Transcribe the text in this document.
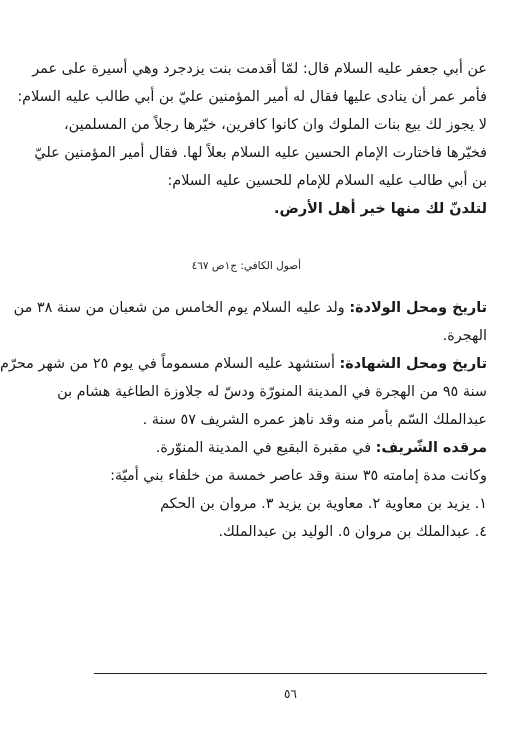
عن أبي جعفر عليه السلام قال: لمّا أقدمت بنت يزدجرد وهي أسيرة على عمر
فأمر عمر أن ينادى عليها فقال له أمير المؤمنين عليّ بن أبي طالب عليه السلام:
لا يجوز لك بيع بنات الملوك وان كانوا كافرين، خيّرها رجلاً من المسلمين،
فخيّرها فاختارت الإمام الحسين عليه السلام بعلاً لها. فقال أمير المؤمنين عليّ
بن أبي طالب عليه السلام للإمام للحسين عليه السلام:
لتلدنّ لك منها خير أهل الأرض.
أصول الكافي: ج١ص ٤٦٧
تاريخ ومحل الولادة: ولد عليه السلام يوم الخامس من شعبان من سنة ٣٨ من
الهجرة.
تاريخ ومحل الشهادة: أستشهد عليه السلام مسموماً في يوم ٢٥ من شهر محرّم
سنة ٩٥ من الهجرة في المدينة المنورّة ودسّ له جلاوزة الطاغية هشام بن
عبدالملك السّم بأمر منه وقد ناهز عمره الشريف ٥٧ سنة .
مرقده الشّريف: في مقبرة البقيع في المدينة المنوّرة.
وكانت مدة إمامته ٣٥ سنة وقد عاصر خمسة من خلفاء بني أميّة:
١. يزيد بن معاوية ٢. معاوية بن يزيد ٣. مروان بن الحكم
٤. عبدالملك بن مروان ٥. الوليد بن عبدالملك.
٥٦
